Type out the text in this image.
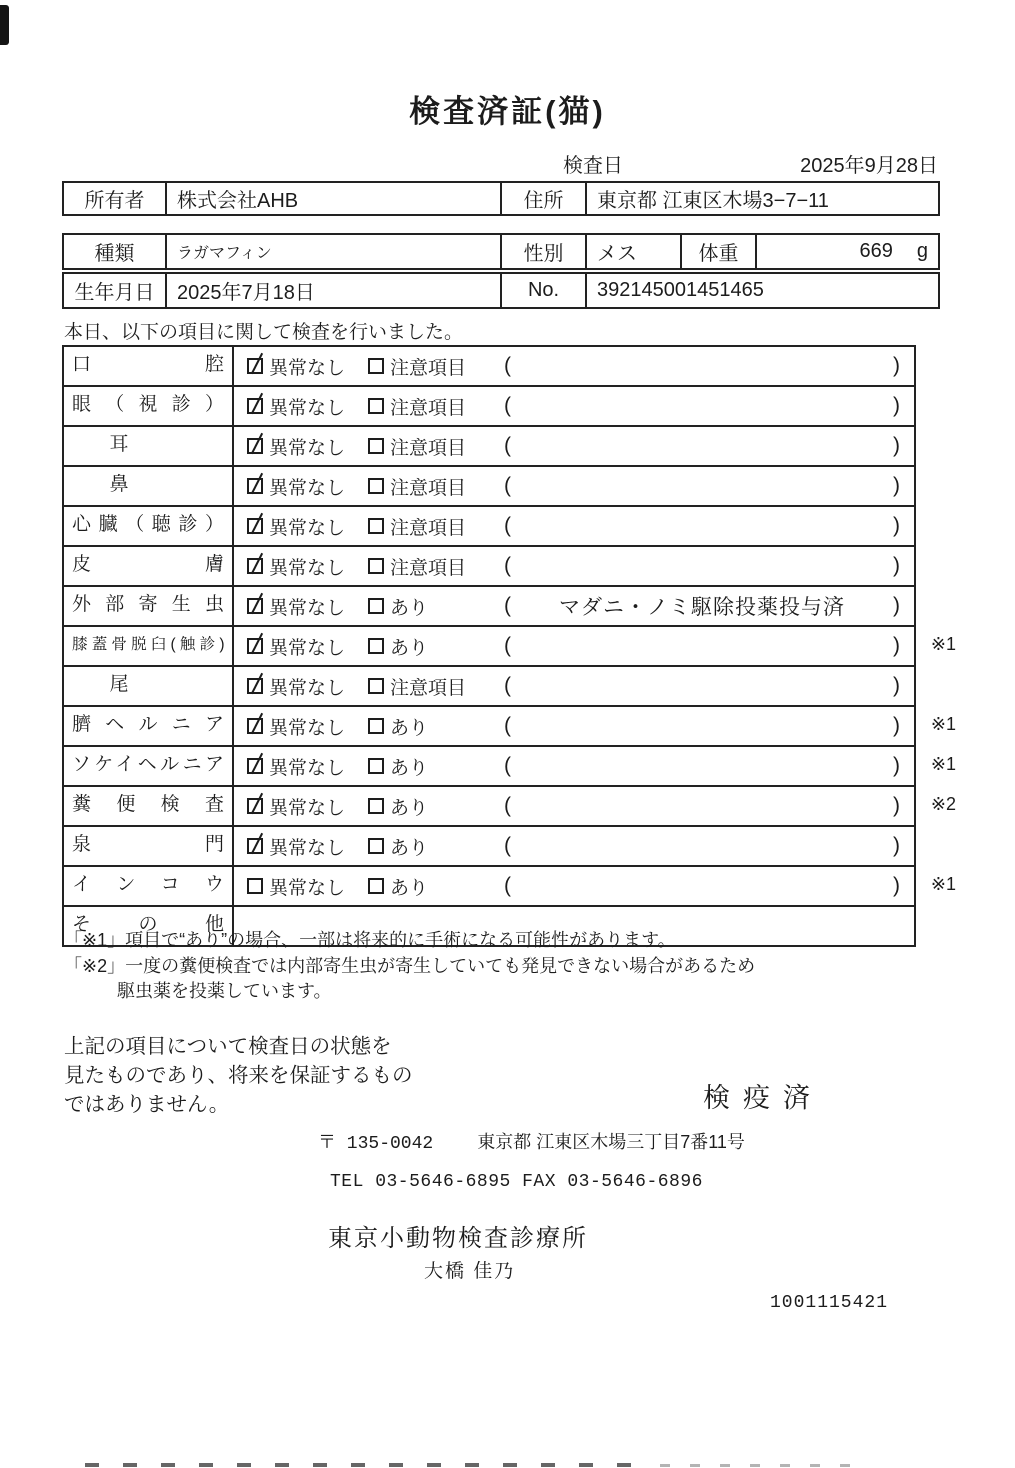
検査済証(猫)
検査日	2025年9月28日
所有者	株式会社AHB	住所	東京都 江東区木場3−7−11
種類	ラガマフィン	性別	メス	体重	669 g
生年月日	2025年7月18日	No.	392145001451465
本日、以下の項目に関して検査を行いました。
口腔	異常なし 注意項目 (	)
眼（視診）	異常なし 注意項目 (	)
耳	異常なし 注意項目 (	)
鼻	異常なし 注意項目 (	)
心臓（聴診）	異常なし 注意項目 (	)
皮膚	異常なし 注意項目 (	)
外部寄生虫	異常なし あり	(	マダニ・ノミ駆除投薬投与済	)
膝蓋骨脱臼(触診)	異常なし あり	(	) ※1
尾	異常なし 注意項目 (	)
臍ヘルニア	異常なし あり	(	) ※1
ソケイヘルニア	異常なし あり	(	) ※1
糞便検査	異常なし あり	(	) ※2
泉門	異常なし あり	(	)
インコウ	異常なし あり	(	) ※1
その他
「※1」項目で“あり”の場合、一部は将来的に手術になる可能性があります。
「※2」一度の糞便検査では内部寄生虫が寄生していても発見できない場合があるため
駆虫薬を投薬しています。
上記の項目について検査日の状態を
見たものであり、将来を保証するもの
ではありません。	検疫済
〒 135-0042 東京都 江東区木場三丁目7番11号
TEL 03-5646-6895 FAX 03-5646-6896
東京小動物検査診療所
大橋 佳乃
1001115421
